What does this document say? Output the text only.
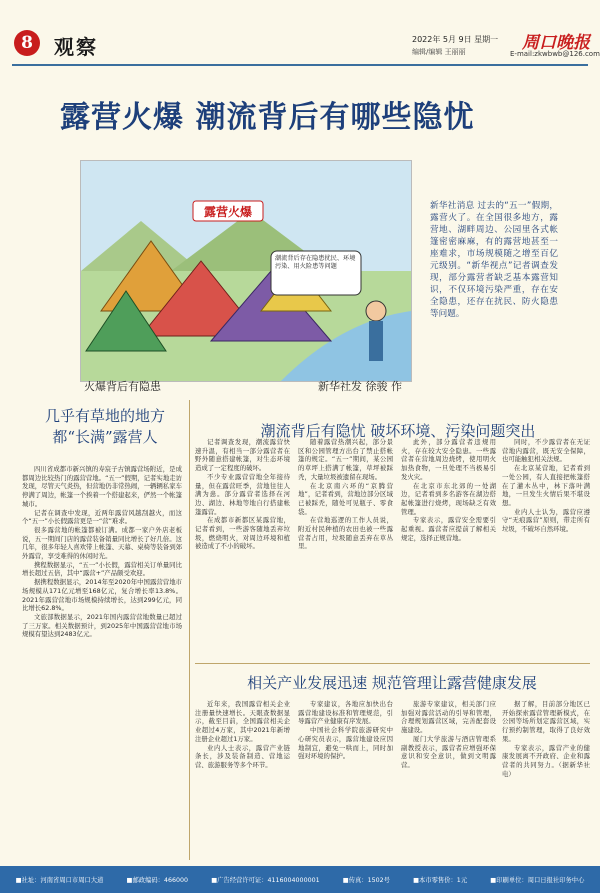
8	观察	2022年 5月 9日 星期一
编辑/编辑 王丽丽	周口晚报
E-mail:zkwbwb@126.com
露营火爆 潮流背后有哪些隐忧
露营火爆
潮流背后存在隐患扰民、环境污染、用火险患等问题
火爆背后有隐患	新华社发 徐骏 作
新华社消息 过去的“五一”假期，露营火了。在全国很多地方，露营地、湖畔周边、公园里各式帐篷密密麻麻，有的露营地甚至一座难求，市场规模随之增至百亿元级别。“新华视点”记者调查发现，部分露营者缺乏基本露营知识，不仅环境污染严重，存在安全隐患，还存在扰民、防火隐患等问题。
几乎有草地的地方
都“长满”露营人	潮流背后有隐忧 破坏环境、污染问题突出
相关产业发展迅速 规范管理让露营健康发展

四川省成都市新兴镇的寿宸子古镇露营场附近，是成都周边比较热门的露营营地。“五一”假期，记者实地走访发现，尽管天气炎热，但营地仍非常热闹，一辆辆私家车停满了周边，帐篷一个挨着一个搭建起来，俨然一个帐篷城市。

记者在调查中发现，近两年露营风越刮越火，而这个“五一”小长假露营更是一“营”难求。

很多露营地的帐篷都被订满。成都一家户外店老板说，五一期间门店的露营装备销量同比增长了好几倍。这几年，很多年轻人喜欢带上帐篷、天幕、桌椅等装备到郊外露营，享受难得的休闲时光。

携程数据显示，“五一”小长假，露营相关订单量同比增长超过五倍，其中“露营+”产品颇受欢迎。

据携程数据显示，2014年至2020年中国露营营地市场规模从171亿元增至168亿元，复合增长率13.8%。2021年露营营地市场规模持续增长，达到299亿元，同比增长62.8%。

文旅部数据显示，2021年国内露营营地数量已超过了三万家。相关数据预计，到2025年中国露营营地市场规模有望达到2483亿元。

记者调查发现，潮流露营快速升温，有相当一部分露营者在野外随意搭建帐篷，对生态环境造成了一定程度的破坏。

不少专业露营营地全年接待量，但在露营旺季，营地往往人满为患。部分露营者选择在河边、湖边、林地等地自行搭建帐篷露营。

在成都市新都区某露营地，记者看到，一些游客随地丢弃垃圾，燃烧明火，对周边环境和植被造成了不小的破坏。

随着露营热潮兴起，部分景区和公园管理方出台了禁止搭帐篷的规定。“五一”期间，某公园的草坪上搭满了帐篷，草坪被踩秃，大量垃圾被遗留在现场。

在北京南六环的“京腾营地”，记者看到，营地边部分区域已被踩秃，随处可见瓶子、零食袋。

在营地巡逻的工作人员说，附近村民种植的农田也被一些露营者占用，垃圾随意丢弃在草丛里。

此外，部分露营者违规用火，存在较大安全隐患。一些露营者在营地周边烧烤，使用明火加热食物，一旦处理不当极易引发火灾。

在北京市东北郊的一处湖边，记者看到多名游客在湖边搭起帐篷进行烧烤，现场缺乏有效管理。

专家表示，露营安全需要引起重视。露营者应提前了解相关规定，选择正规营地。

同时，不少露营者在无证营地内露营，既无安全保障，也可能触犯相关法规。

在北京某营地，记者看到一处公园，有人直接把帐篷搭在了灌木丛中，林下落叶满地，一旦发生火情后果不堪设想。

业内人士认为，露营应遵守“无痕露营”原则，带走所有垃圾，不破坏自然环境。

近年来，我国露营相关企业注册量快速增长。天眼查数据显示，截至目前，全国露营相关企业超过4万家，其中2021年新增注册企业超过1万家。

业内人士表示，露营产业链条长，涉及装备制造、营地运营、旅游服务等多个环节。

专家建议，各地应加快出台露营地建设标准和管理规范，引导露营产业健康有序发展。

中国社会科学院旅游研究中心研究员表示，露营地建设应因地制宜，避免一哄而上，同时加强对环境的保护。

旅游专家建议，相关部门应加强对露营活动的引导和管理，合理规划露营区域，完善配套设施建设。

厦门大学旅游与酒店管理系副教授表示，露营者应增强环保意识和安全意识，做到文明露营。

据了解，目前部分地区已开始探索露营管理新模式，在公园等场所划定露营区域，实行预约制管理，取得了良好效果。

专家表示，露营产业的健康发展离不开政府、企业和露营者的共同努力。（据新华社电）

■社址：河南省周口市周口大道	■邮政编码：466000	■广告经营许可证：4116004000001	■传真：1502号	■本市零售价：1元	■印刷单位：周口日报社印务中心
